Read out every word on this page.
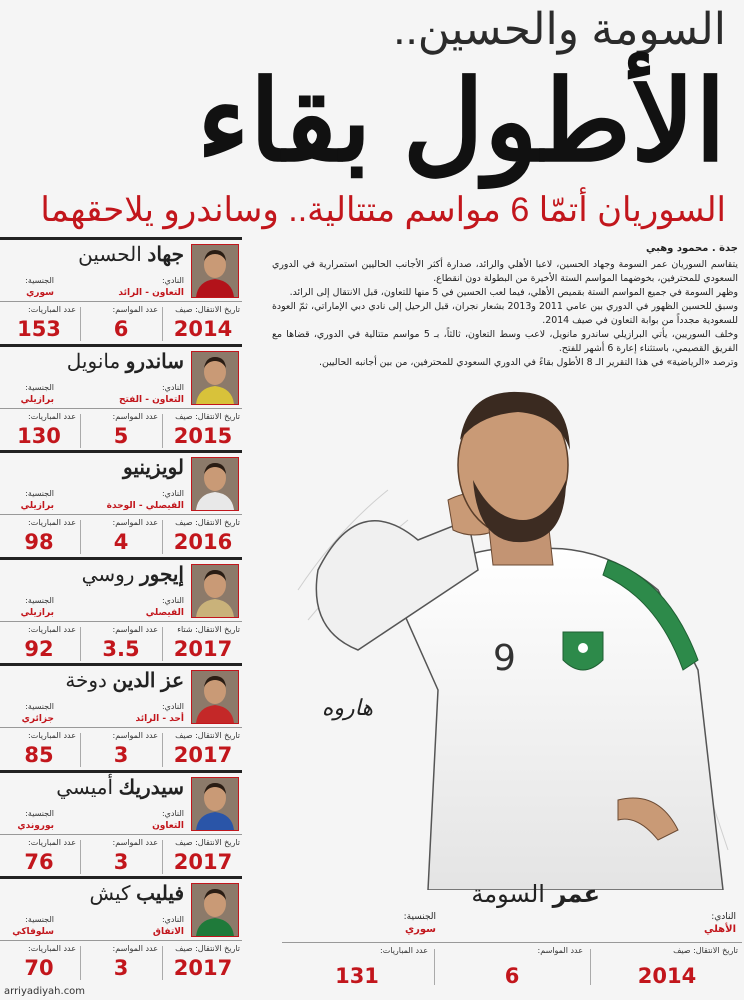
السومة والحسين..
الأطول بقاء
السوريان أتمّا 6 مواسم متتالية.. وساندرو يلاحقهما
جدة . محمود وهبي

يتقاسم السوريان عمر السومة وجهاد الحسين، لاعبا الأهلي والرائد، صدارة أكثر الأجانب الحاليين استمرارية في الدوري السعودي للمحترفين، بخوضهما المواسم الستة الأخيرة من البطولة دون انقطاع.

وظهر السومة في جميع المواسم الستة بقميص الأهلي، فيما لعب الحسين في 5 منها للتعاون، قبل الانتقال إلى الرائد.

وسبق للحسين الظهور في الدوري بين عامي 2011 و2013 بشعار نجران، قبل الرحيل إلى نادي دبي الإماراتي، ثمّ العودة للسعودية مجدداً من بوابة التعاون في صيف 2014.

وخلف السوريين، يأتي البرازيلي ساندرو مانويل، لاعب وسط التعاون، ثالثاً، بـ 5 مواسم متتالية في الدوري، قضاها مع الفريق القصيمي، باستثناء إعارة 6 أشهر للفتح.

وترصد «الرياضية» في هذا التقرير الـ 8 الأطول بقاءً في الدوري السعودي للمحترفين، من بين أجانبه الحاليين.

9
هاروه
عمر السومة
النادي:
الأهلي
الجنسية:
سوري
تاريخ الانتقال: صيف
2014
عدد المواسم:
6
عدد المباريات:
131
جهاد الحسين
النادي:
التعاون - الرائد
الجنسية:
سوري
تاريخ الانتقال: صيف
2014
عدد المواسم:
6
عدد المباريات:
153
ساندرو مانويل
النادي:
التعاون - الفتح
الجنسية:
برازيلي
تاريخ الانتقال: صيف
2015
عدد المواسم:
5
عدد المباريات:
130
لويزينيو
النادي:
الفيصلي - الوحدة
الجنسية:
برازيلي
تاريخ الانتقال: صيف
2016
عدد المواسم:
4
عدد المباريات:
98
إيجور روسي
النادي:
الفيصلي
الجنسية:
برازيلي
تاريخ الانتقال: شتاء
2017
عدد المواسم:
3.5
عدد المباريات:
92
عز الدين دوخة
النادي:
أحد - الرائد
الجنسية:
جزائري
تاريخ الانتقال: صيف
2017
عدد المواسم:
3
عدد المباريات:
85
سيدريك أميسي
النادي:
التعاون
الجنسية:
بوروندي
تاريخ الانتقال: صيف
2017
عدد المواسم:
3
عدد المباريات:
76
فيليب كيش
النادي:
الاتفاق
الجنسية:
سلوفاكي
تاريخ الانتقال: صيف
2017
عدد المواسم:
3
عدد المباريات:
70
arriyadiyah.com
